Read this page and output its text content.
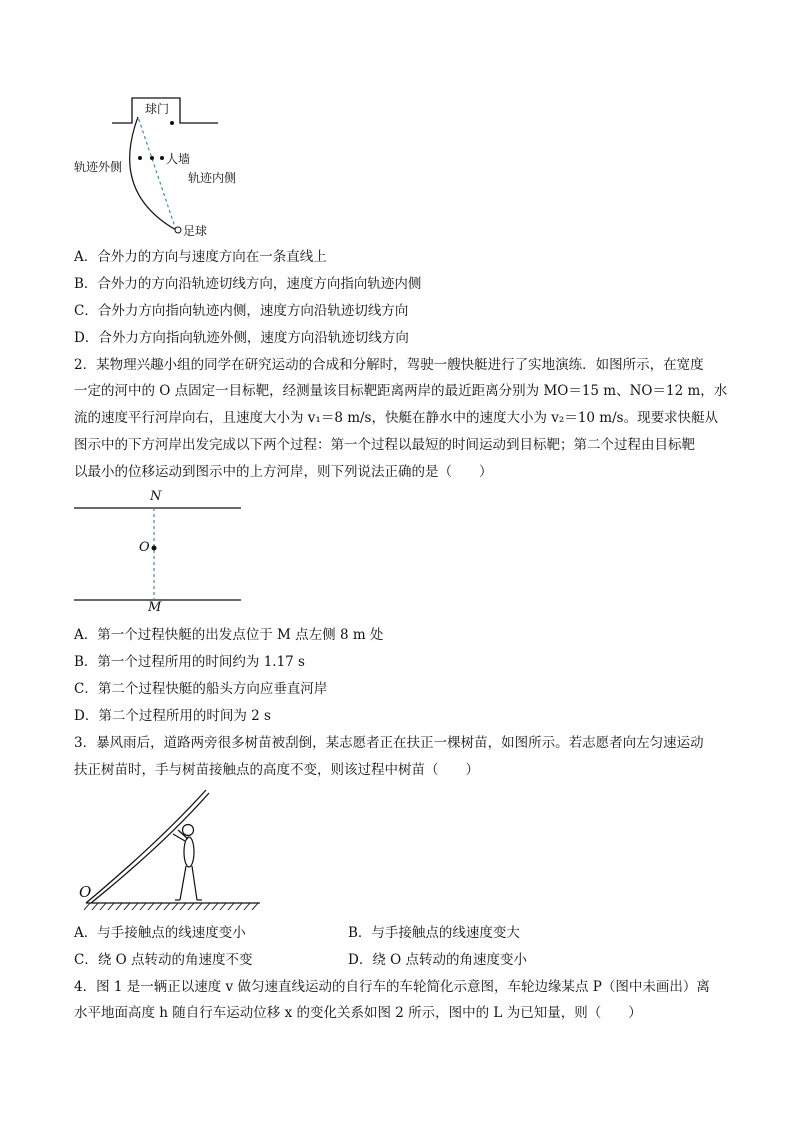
球门
轨迹外侧
人墙
轨迹内侧
足球
A．合外力的方向与速度方向在一条直线上
B．合外力的方向沿轨迹切线方向，速度方向指向轨迹内侧
C．合外力方向指向轨迹内侧，速度方向沿轨迹切线方向
D．合外力方向指向轨迹外侧，速度方向沿轨迹切线方向
2．某物理兴趣小组的同学在研究运动的合成和分解时，驾驶一艘快艇进行了实地演练．如图所示，在宽度
一定的河中的 O 点固定一目标靶，经测量该目标靶距离两岸的最近距离分别为 MO＝15 m、NO＝12 m，水
流的速度平行河岸向右，且速度大小为 v₁＝8 m/s，快艇在静水中的速度大小为 v₂＝10 m/s。现要求快艇从
图示中的下方河岸出发完成以下两个过程：第一个过程以最短的时间运动到目标靶；第二个过程由目标靶
以最小的位移运动到图示中的上方河岸，则下列说法正确的是（　　）
N
O
M
A．第一个过程快艇的出发点位于 M 点左侧 8 m 处
B．第一个过程所用的时间约为 1.17 s
C．第二个过程快艇的船头方向应垂直河岸
D．第二个过程所用的时间为 2 s
3．暴风雨后，道路两旁很多树苗被刮倒，某志愿者正在扶正一棵树苗，如图所示。若志愿者向左匀速运动
扶正树苗时，手与树苗接触点的高度不变，则该过程中树苗（　　）
O
A．与手接触点的线速度变小	B．与手接触点的线速度变大
C．绕 O 点转动的角速度不变	D．绕 O 点转动的角速度变小
4．图 1 是一辆正以速度 v 做匀速直线运动的自行车的车轮简化示意图，车轮边缘某点 P（图中未画出）离
水平地面高度 h 随自行车运动位移 x 的变化关系如图 2 所示，图中的 L 为已知量，则（　　）
